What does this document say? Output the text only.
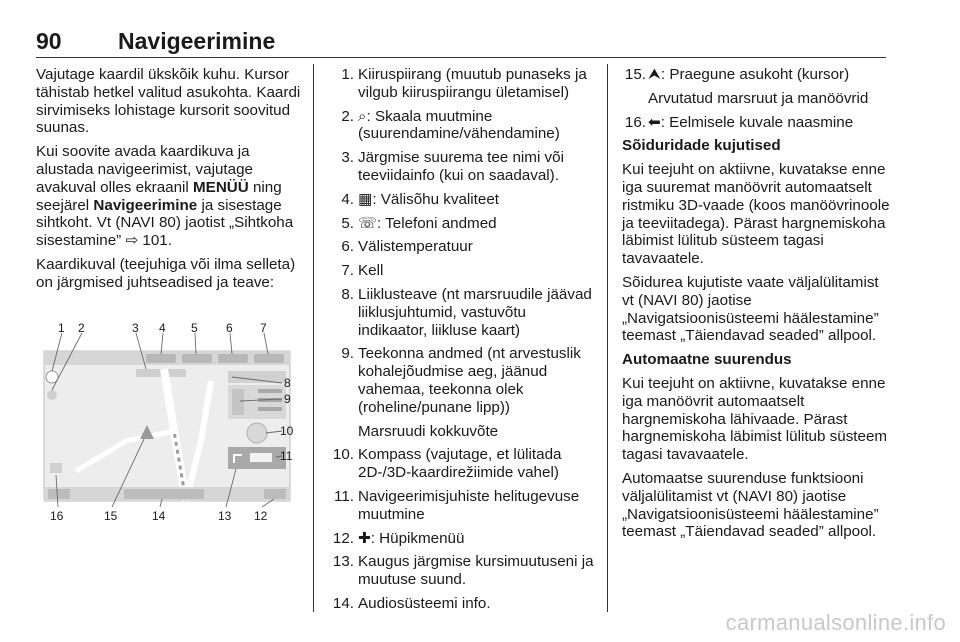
90 Navigeerimine

Vajutage kaardil ükskõik kuhu. Kursor tähistab hetkel valitud asukohta. Kaardi sirvimiseks lohistage kursorit soovitud suunas.

Kui soovite avada kaardikuva ja alustada navigeerimist, vajutage avakuval olles ekraanil MENÜÜ ning seejärel Navigeerimine ja sisestage sihtkoht. Vt (NAVI 80) jaotist „Sihtkoha sisestamine” ⇨ 101.

Kaardikuval (teejuhiga või ilma selleta) on järgmised juhtseadised ja teave:

1 2	3 4 5 6 7
8
9
10
11
16	15	14	13 12
1. Kiiruspiirang (muutub punaseks ja vilgub kiiruspiirangu ületamisel)
2. ⌕: Skaala muutmine (suurendamine/vähendamine)
3. Järgmise suurema tee nimi või teeviidainfo (kui on saadaval).
4. ▦: Välisõhu kvaliteet
5. ☏: Telefoni andmed
6. Välistemperatuur
7. Kell
8. Liiklusteave (nt marsruudile jäävad liiklusjuhtumid, vastuvõtu indikaator, liikluse kaart)
9. Teekonna andmed (nt arvestuslik kohalejõudmise aeg, jäänud vahemaa, teekonna olek (roheline/punane lipp))
Marsruudi kokkuvõte
10. Kompass (vajutage, et lülitada 2D-/3D-kaardirežiimide vahel)
11. Navigeerimisjuhiste helitugevuse muutmine
12. ✚: Hüpikmenüü
13. Kaugus järgmise kursimuutuseni ja muutuse suund.
14. Audiosüsteemi info.
15. ⮝: Praegune asukoht (kursor)
Arvutatud marsruut ja manöövrid
16. ⬅: Eelmisele kuvale naasmine

Sõiduridade kujutised

Kui teejuht on aktiivne, kuvatakse enne iga suuremat manöövrit automaatselt ristmiku 3D-vaade (koos manöövrinoole ja teeviitadega). Pärast hargnemiskoha läbimist lülitub süsteem tagasi tavavaatele.

Sõidurea kujutiste vaate väljalülitamist vt (NAVI 80) jaotise „Navigatsioonisüsteemi häälestamine” teemast „Täiendavad seaded” allpool.

Automaatne suurendus

Kui teejuht on aktiivne, kuvatakse enne iga manöövrit automaatselt hargnemiskoha lähivaade. Pärast hargnemiskoha läbimist lülitub süsteem tagasi tavavaatele.

Automaatse suurenduse funktsiooni väljalülitamist vt (NAVI 80) jaotise „Navigatsioonisüsteemi häälestamine” teemast „Täiendavad seaded” allpool.

carmanualsonline.info
